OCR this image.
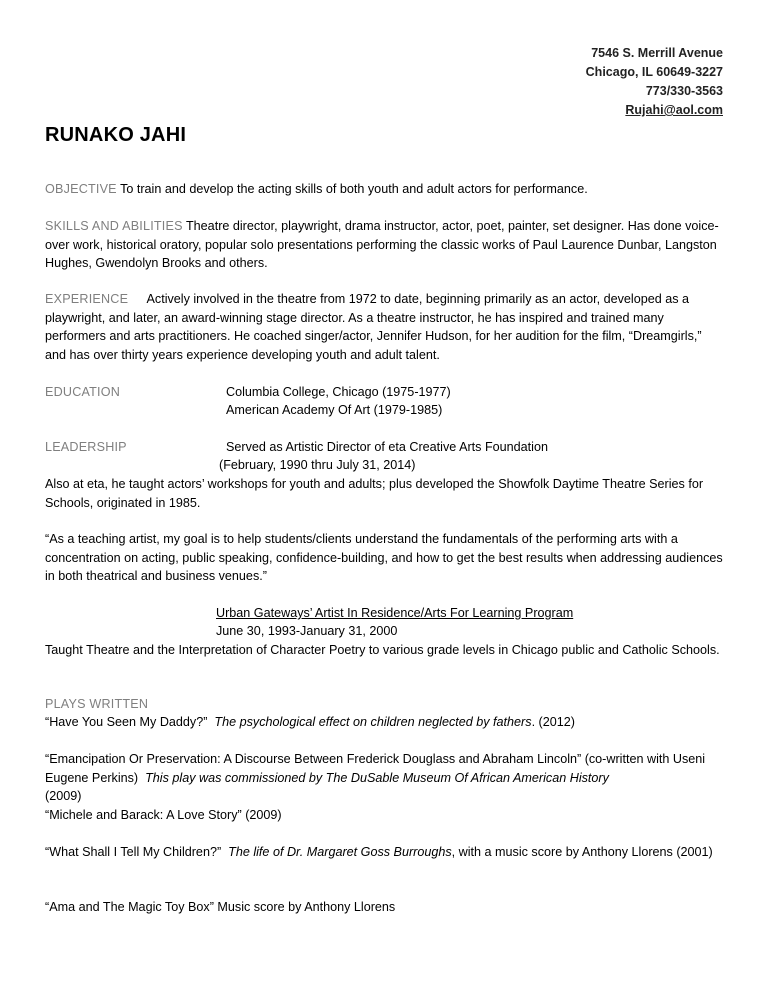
7546 S. Merrill Avenue
Chicago, IL 60649-3227
773/330-3563
Rujahi@aol.com
RUNAKO JAHI
OBJECTIVE To train and develop the acting skills of both youth and adult actors for performance.
SKILLS AND ABILITIES Theatre director, playwright, drama instructor, actor, poet, painter, set designer. Has done voice-over work, historical oratory, popular solo presentations performing the classic works of Paul Laurence Dunbar, Langston Hughes, Gwendolyn Brooks and others.
EXPERIENCE Actively involved in the theatre from 1972 to date, beginning primarily as an actor, developed as a playwright, and later, an award-winning stage director. As a theatre instructor, he has inspired and trained many performers and arts practitioners. He coached singer/actor, Jennifer Hudson, for her audition for the film, “Dreamgirls,” and has over thirty years experience developing youth and adult talent.
EDUCATION	Columbia College, Chicago (1975-1977)
American Academy Of Art (1979-1985)
LEADERSHIP	Served as Artistic Director of eta Creative Arts Foundation
(February, 1990 thru July 31, 2014)
Also at eta, he taught actors’ workshops for youth and adults; plus developed the Showfolk Daytime Theatre Series for Schools, originated in 1985.
“As a teaching artist, my goal is to help students/clients understand the fundamentals of the performing arts with a concentration on acting, public speaking, confidence-building, and how to get the best results when addressing audiences in both theatrical and business venues.”
Urban Gateways’ Artist In Residence/Arts For Learning Program
June 30, 1993-January 31, 2000
Taught Theatre and the Interpretation of Character Poetry to various grade levels in Chicago public and Catholic Schools.
PLAYS WRITTEN
“Have You Seen My Daddy?” The psychological effect on children neglected by fathers. (2012)
“Emancipation Or Preservation: A Discourse Between Frederick Douglass and Abraham Lincoln” (co-written with Useni Eugene Perkins) This play was commissioned by The DuSable Museum Of African American History
(2009)
“Michele and Barack: A Love Story” (2009)
“What Shall I Tell My Children?” The life of Dr. Margaret Goss Burroughs, with a music score by Anthony Llorens (2001)
“Ama and The Magic Toy Box” Music score by Anthony Llorens
